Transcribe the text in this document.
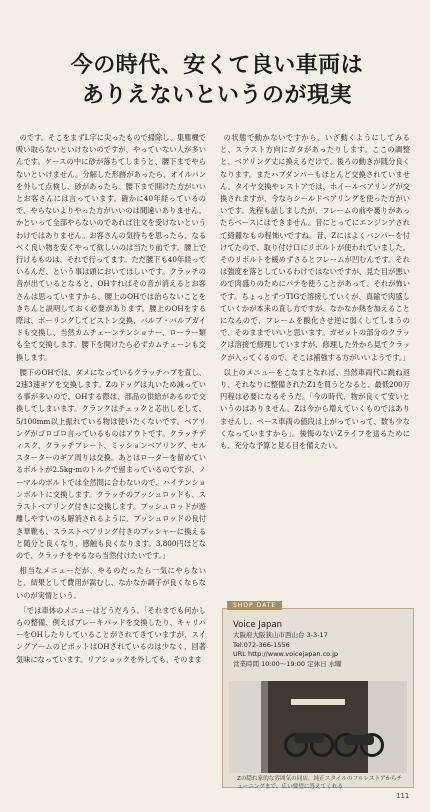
今の時代、安くて良い車両は
ありえないというのが現実

のです。そこをまずL字に尖ったもので掃除し、集塵機で吸い取らないといけないのですが、やっていない人が多いんです。ケースの中に砂が落ちてしまうと、腰下までやらないといけません。分解した形跡があったら、オイルパンを外して点検し、砂があったら、腰下まで開けた方がいいとお客さんには言っています。確かに40年経っているので、やらないよりやった方がいいのは間違いありません。かといって全部やらないのであれば注文を受けないというわけではありません。お客さんの気持ちを思ったら、なるべく良い物を安くやって欲しいのは当たり前です。腰上で行けるものは、それで行ってます。ただ腰下も40年経っているんだ、という事は頭においてほしいです。クラッチの音が出ているとなると、OHすればその音が消えるとお客さんは思っていますから、腰上のOHでは治らないことをきちんと説明しておく必要があります。腰上のOHをする際は、ボーリングしてピストン交換、バルブ・バルブガイドも交換し、当然カムチェーンテンショナー、ローラー類も全て交換します。腰下を開けたら必ずカムチェーンも交換します。

腰下のOHでは、ダメになっているクラッチハブを直し、2速3速ギアを交換します。Zのドッグは丸いため減っている事が多いので、OHする際は、部品の供給があるので交換してしまいます。クランクはチェックと芯出しをして、5/100mm以上振れている物は使いたくないです。ベアリングがゴロゴロ言っているものはアウトです。クラッチディスク、クラッチプレート、ミッションベアリング、セルスターターのギア周りは交換。あとはローターを留めているボルトが2.5kg-mのトルクで留まっているのですが、ノーマルのボルトでは全然問に合わないので、ハイテンションボルトに交換します。クラッチのプッシュロッドも、スラストベアリング付きに交換します。プッシュロッドが遊離しやすいのも解消されるように、プッシュロッドの良付き華靴も、スラストベアリング付きのプッシャーに換えると随分と良くなり、感触も良くなります。3,800円ほどなので、クラッチをやるなら当然付けたいです。」

相当なメニューだが、やるのだったら一気にやらないと、結果として費用が嵩むし、なかなか調子が良くならないのが実情という。

「では車体のメニューはどうだろう。「それまでも何かしらの整備、例えばブレーキパッドを交換したり、キャリパーをOHしたりしていることがされてきていますが、スイングアームのピボットはOHされているのは少なく、回著気味になっています。リアショックを外しても、そのまま

の状態で動かないですから、いざ動くようにしてみると、スラスト方向にガタがあったりします。ここの調整と、ベアリング丈に換えるだけで、後ろの動きが随分良くなります。またハブダンパーもほとんど交換されていません。タイヤ交換やレストアでは、ホイールベアリングが交換されますが、今ならシールドベアリングを使った方がいいです。先程も話しましたが、フレームの前や裏りがあったらベースにはできません。昔にとってにエンジンアされて綺麗なもの程怖いですね。昔、Zにはよくバンパーを付けてたので、取り付け口にリボルトが使われていました。そのリボルトを緩めずさるとフレームが凹むんです。それは強度を落としているわけではないですが、見た目が悪いので肉盛りのためにパテを使うことがあって、それが怖いです。ちょっとずつTIGで溶接していくが、真鍮で肉盛していくかが本来の直し方ですが、なかなか熱を加えることになるので、フレームを酸化させ逆に弱くしてしまうので、そのままでいいと思います。ガゼットの部分のクラックは溶接で修理していますが、修理した外から見てクラックが入ってくるので、そこは補強する方がいいようです。」

以上のメニューをこなすとなれば、当然車両代に跳ね返り、それなりに整備されたZ1を買うとなると、最低200万円程は必要になるそうだ。「今の時代、物が良くて安いというのはありません。Zは今から増えていくものではありませんし、ベース車両の値段は上がっていって、数も少なくなっていますから」。後悔のないZライフを送るためにも、充分な予算と見る目を備えたい。

SHOP DATE
Voice Japan
大阪府大阪狭山市西山台 3-3-17
Tel.072-366-1556
URL http://www.voicejapan.co.jp
営業時間 10:00〜19:00 定休日 水曜
Zの隠れ家的な雰囲気の同店。純正スタイルのフルレストアからチューニングまで、広い要望に答えてくれる
111
